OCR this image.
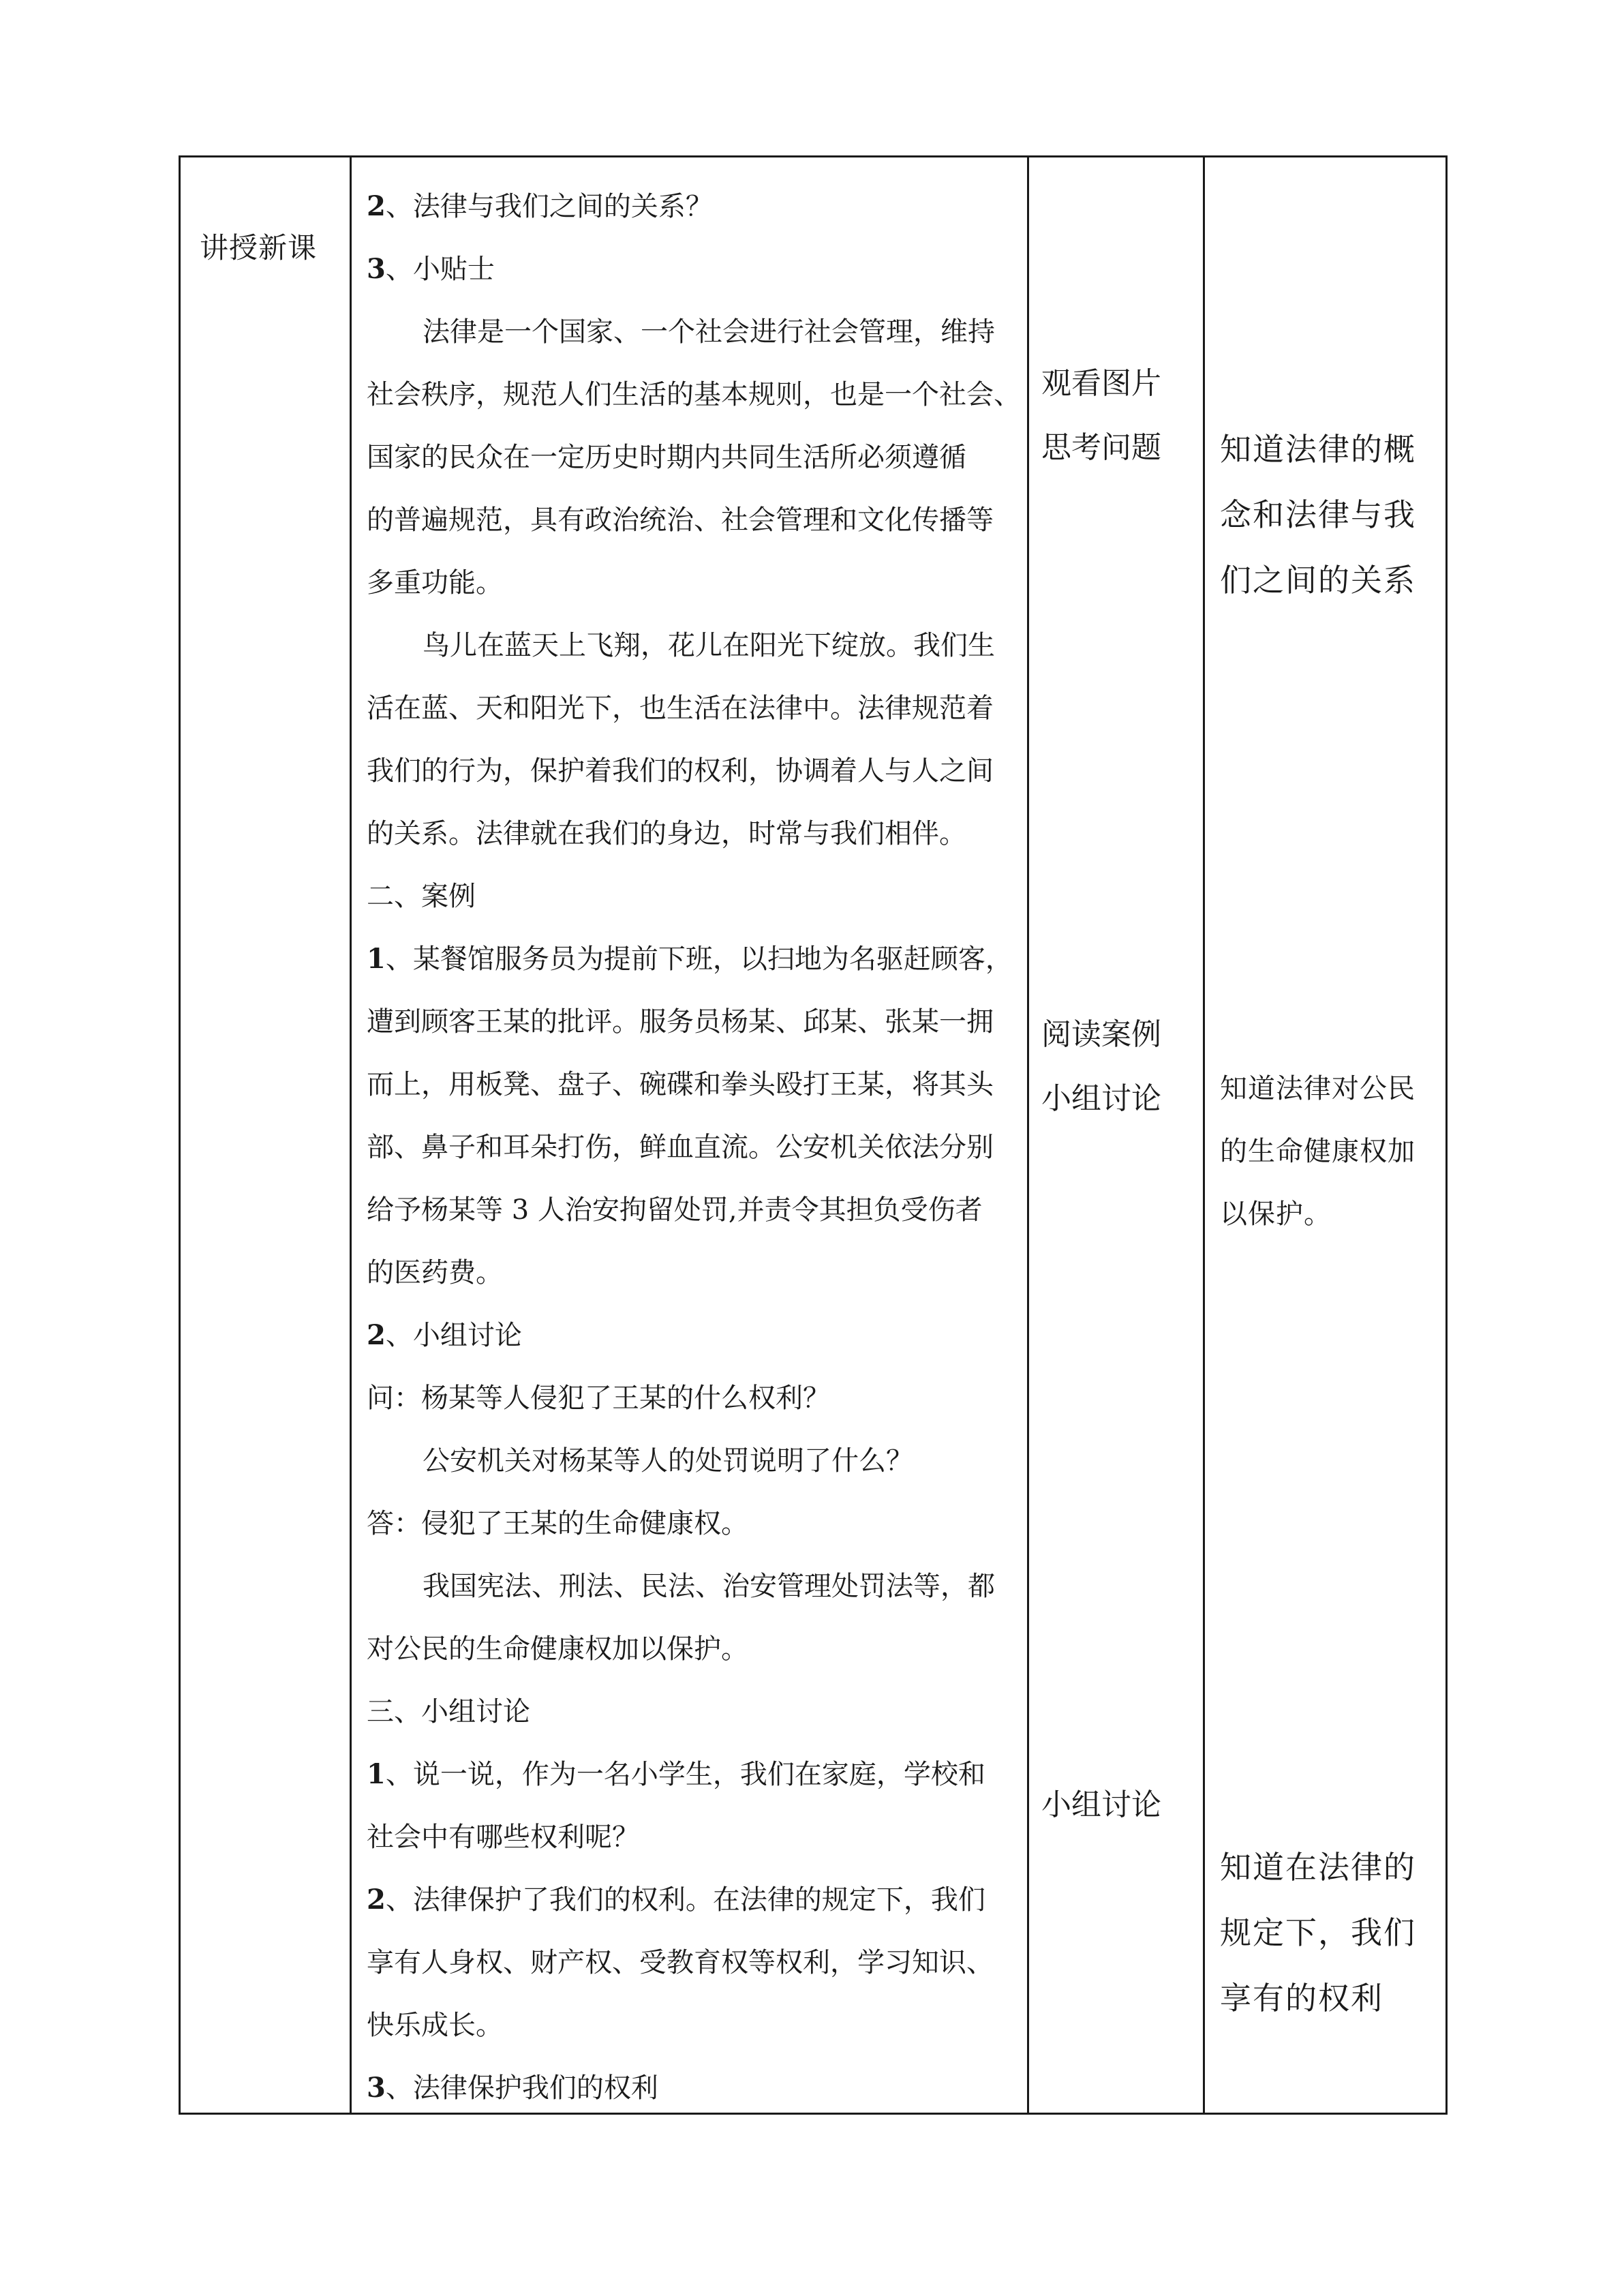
讲授新课
2、法律与我们之间的关系？
3、小贴士
法律是一个国家、一个社会进行社会管理，维持
社会秩序，规范人们生活的基本规则，也是一个社会、
国家的民众在一定历史时期内共同生活所必须遵循
的普遍规范，具有政治统治、社会管理和文化传播等
多重功能。
鸟儿在蓝天上飞翔，花儿在阳光下绽放。我们生
活在蓝、天和阳光下，也生活在法律中。法律规范着
我们的行为，保护着我们的权利，协调着人与人之间
的关系。法律就在我们的身边，时常与我们相伴。
二、案例
1、某餐馆服务员为提前下班，以扫地为名驱赶顾客，
遭到顾客王某的批评。服务员杨某、邱某、张某一拥
而上，用板凳、盘子、碗碟和拳头殴打王某，将其头
部、鼻子和耳朵打伤，鲜血直流。公安机关依法分别
给予杨某等 3 人治安拘留处罚,并责令其担负受伤者
的医药费。
2、小组讨论
问：杨某等人侵犯了王某的什么权利？
公安机关对杨某等人的处罚说明了什么？
答：侵犯了王某的生命健康权。
我国宪法、刑法、民法、治安管理处罚法等，都
对公民的生命健康权加以保护。
三、小组讨论
1、说一说，作为一名小学生，我们在家庭，学校和
社会中有哪些权利呢？
2、法律保护了我们的权利。在法律的规定下，我们
享有人身权、财产权、受教育权等权利，学习知识、
快乐成长。
3、法律保护我们的权利
观看图片
思考问题
阅读案例
小组讨论
小组讨论
知道法律的概
念和法律与我
们之间的关系
知道法律对公民
的生命健康权加
以保护。
知道在法律的
规定下，我们
享有的权利
